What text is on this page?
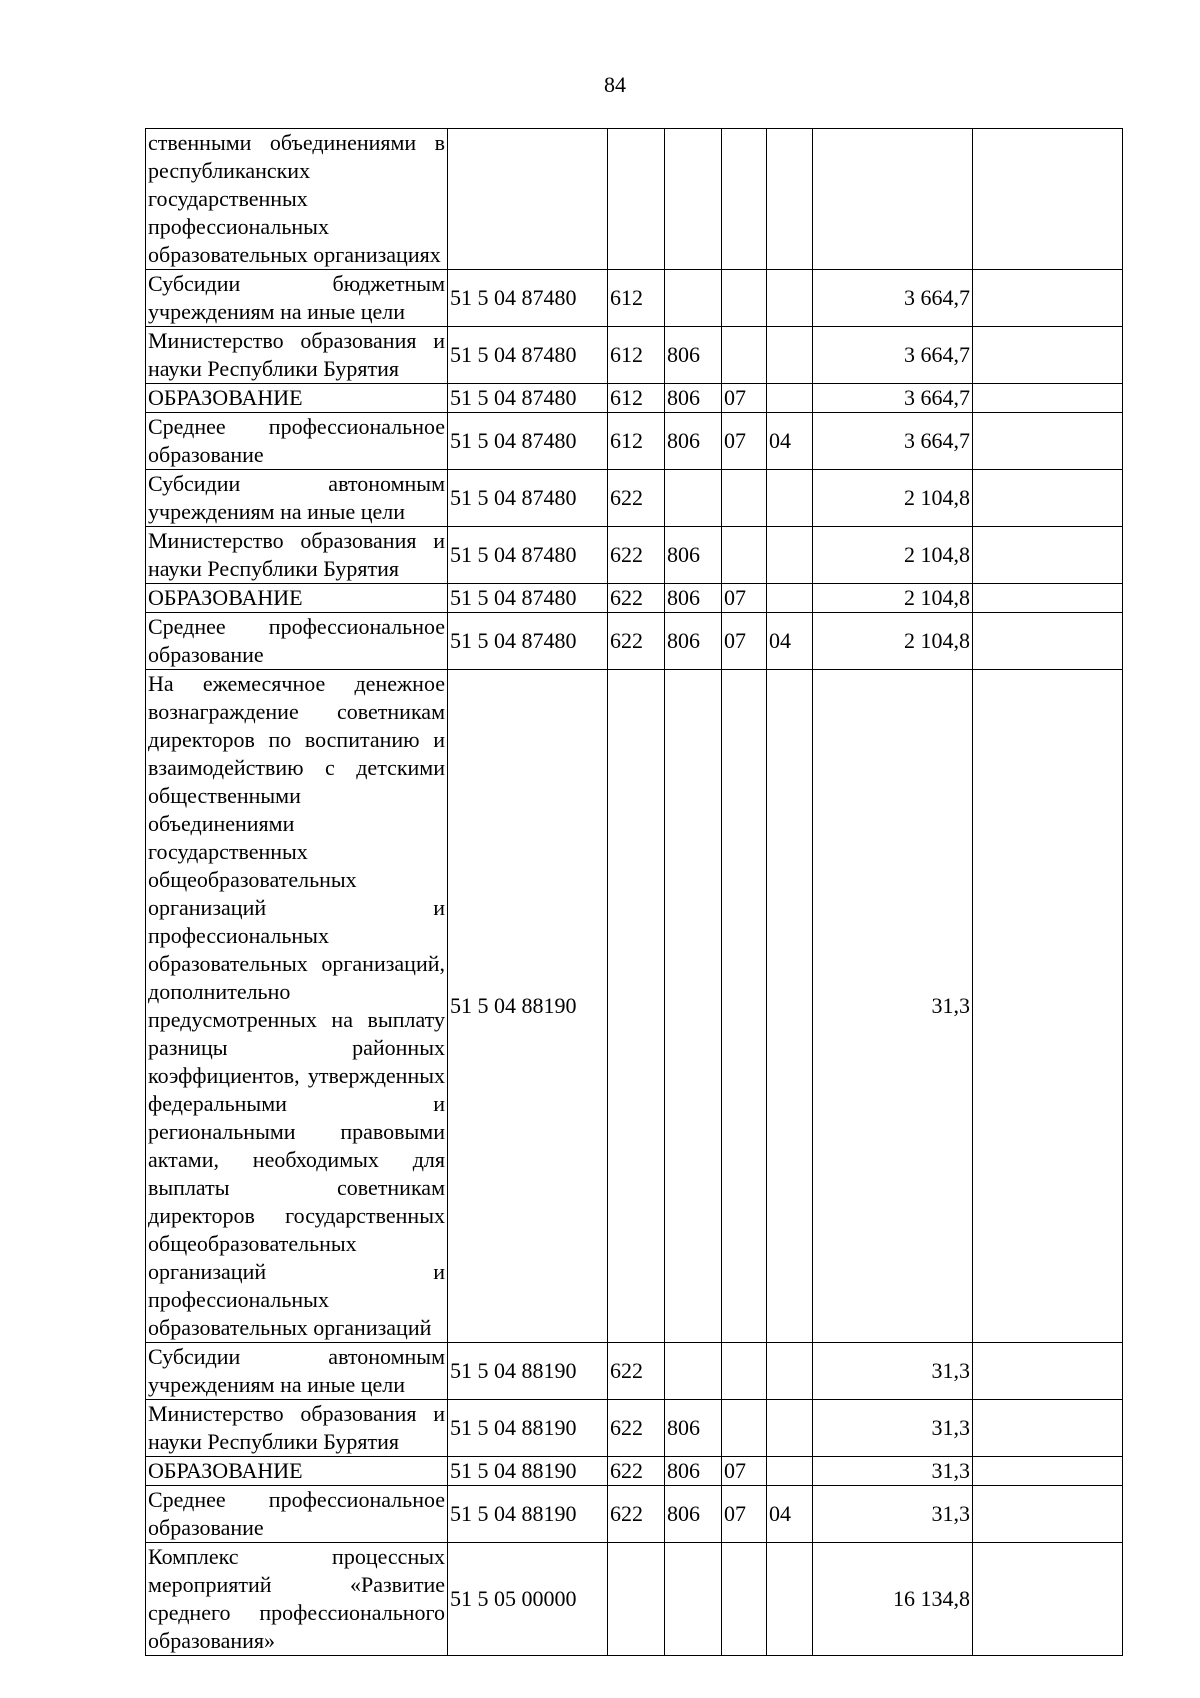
84
ственными объединениями в республиканских государственных профессиональных образовательных организациях							
Субсидии бюджетным учреждениям на иные цели	51 5 04 87480	612				3 664,7	
Министерство образования и науки Республики Бурятия	51 5 04 87480	612	806			3 664,7	
ОБРАЗОВАНИЕ	51 5 04 87480	612	806	07		3 664,7	
Среднее профессиональное образование	51 5 04 87480	612	806	07	04	3 664,7	
Субсидии автономным учреждениям на иные цели	51 5 04 87480	622				2 104,8	
Министерство образования и науки Республики Бурятия	51 5 04 87480	622	806			2 104,8	
ОБРАЗОВАНИЕ	51 5 04 87480	622	806	07		2 104,8	
Среднее профессиональное образование	51 5 04 87480	622	806	07	04	2 104,8	
На ежемесячное денежное вознаграждение советникам директоров по воспитанию и взаимодействию с детскими общественными объединениями государственных общеобразовательных организаций и профессиональных образовательных организаций, дополнительно предусмотренных на выплату разницы районных коэффициентов, утвержденных федеральными и региональными правовыми актами, необходимых для выплаты советникам директоров государственных общеобразовательных организаций и профессиональных образовательных организаций	51 5 04 88190					31,3	
Субсидии автономным учреждениям на иные цели	51 5 04 88190	622				31,3	
Министерство образования и науки Республики Бурятия	51 5 04 88190	622	806			31,3	
ОБРАЗОВАНИЕ	51 5 04 88190	622	806	07		31,3	
Среднее профессиональное образование	51 5 04 88190	622	806	07	04	31,3	
Комплекс процессных мероприятий «Развитие среднего профессионального образования»	51 5 05 00000					16 134,8	
